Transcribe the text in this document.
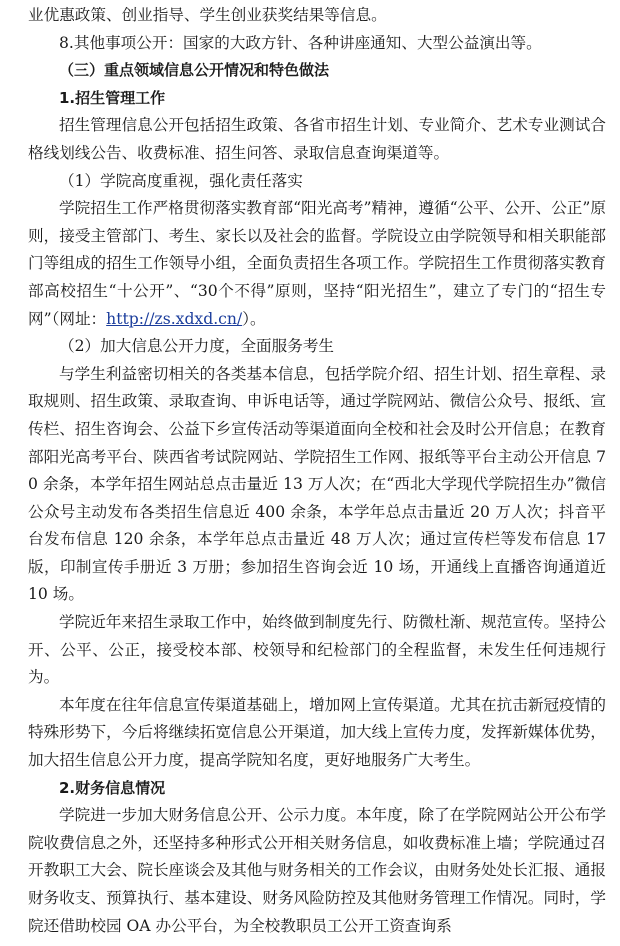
业优惠政策、创业指导、学生创业获奖结果等信息。

8.其他事项公开：国家的大政方针、各种讲座通知、大型公益演出等。

（三）重点领域信息公开情况和特色做法

1.招生管理工作

招生管理信息公开包括招生政策、各省市招生计划、专业简介、艺术专业测试合格线划线公告、收费标准、招生问答、录取信息查询渠道等。

（1）学院高度重视，强化责任落实

学院招生工作严格贯彻落实教育部“阳光高考”精神，遵循“公平、公开、公正”原则，接受主管部门、考生、家长以及社会的监督。学院设立由学院领导和相关职能部门等组成的招生工作领导小组，全面负责招生各项工作。学院招生工作贯彻落实教育部高校招生“十公开”、“30个不得”原则，坚持“阳光招生”，建立了专门的“招生专网”（网址：http://zs.xdxd.cn/）。

（2）加大信息公开力度，全面服务考生

与学生利益密切相关的各类基本信息，包括学院介绍、招生计划、招生章程、录取规则、招生政策、录取查询、申诉电话等，通过学院网站、微信公众号、报纸、宣传栏、招生咨询会、公益下乡宣传活动等渠道面向全校和社会及时公开信息；在教育部阳光高考平台、陕西省考试院网站、学院招生工作网、报纸等平台主动公开信息 70 余条，本学年招生网站总点击量近 13 万人次；在“西北大学现代学院招生办”微信公众号主动发布各类招生信息近 400 余条，本学年总点击量近 20 万人次；抖音平台发布信息 120 余条，本学年总点击量近 48 万人次；通过宣传栏等发布信息 17 版，印制宣传手册近 3 万册；参加招生咨询会近 10 场，开通线上直播咨询通道近 10 场。

学院近年来招生录取工作中，始终做到制度先行、防微杜渐、规范宣传。坚持公开、公平、公正，接受校本部、校领导和纪检部门的全程监督，未发生任何违规行为。

本年度在往年信息宣传渠道基础上，增加网上宣传渠道。尤其在抗击新冠疫情的特殊形势下，今后将继续拓宽信息公开渠道，加大线上宣传力度，发挥新媒体优势，加大招生信息公开力度，提高学院知名度，更好地服务广大考生。

2.财务信息情况

学院进一步加大财务信息公开、公示力度。本年度，除了在学院网站公开公布学院收费信息之外，还坚持多种形式公开相关财务信息，如收费标准上墙；学院通过召开教职工大会、院长座谈会及其他与财务相关的工作会议，由财务处处长汇报、通报财务收支、预算执行、基本建设、财务风险防控及其他财务管理工作情况。同时，学院还借助校园 OA 办公平台，为全校教职员工公开工资查询系
